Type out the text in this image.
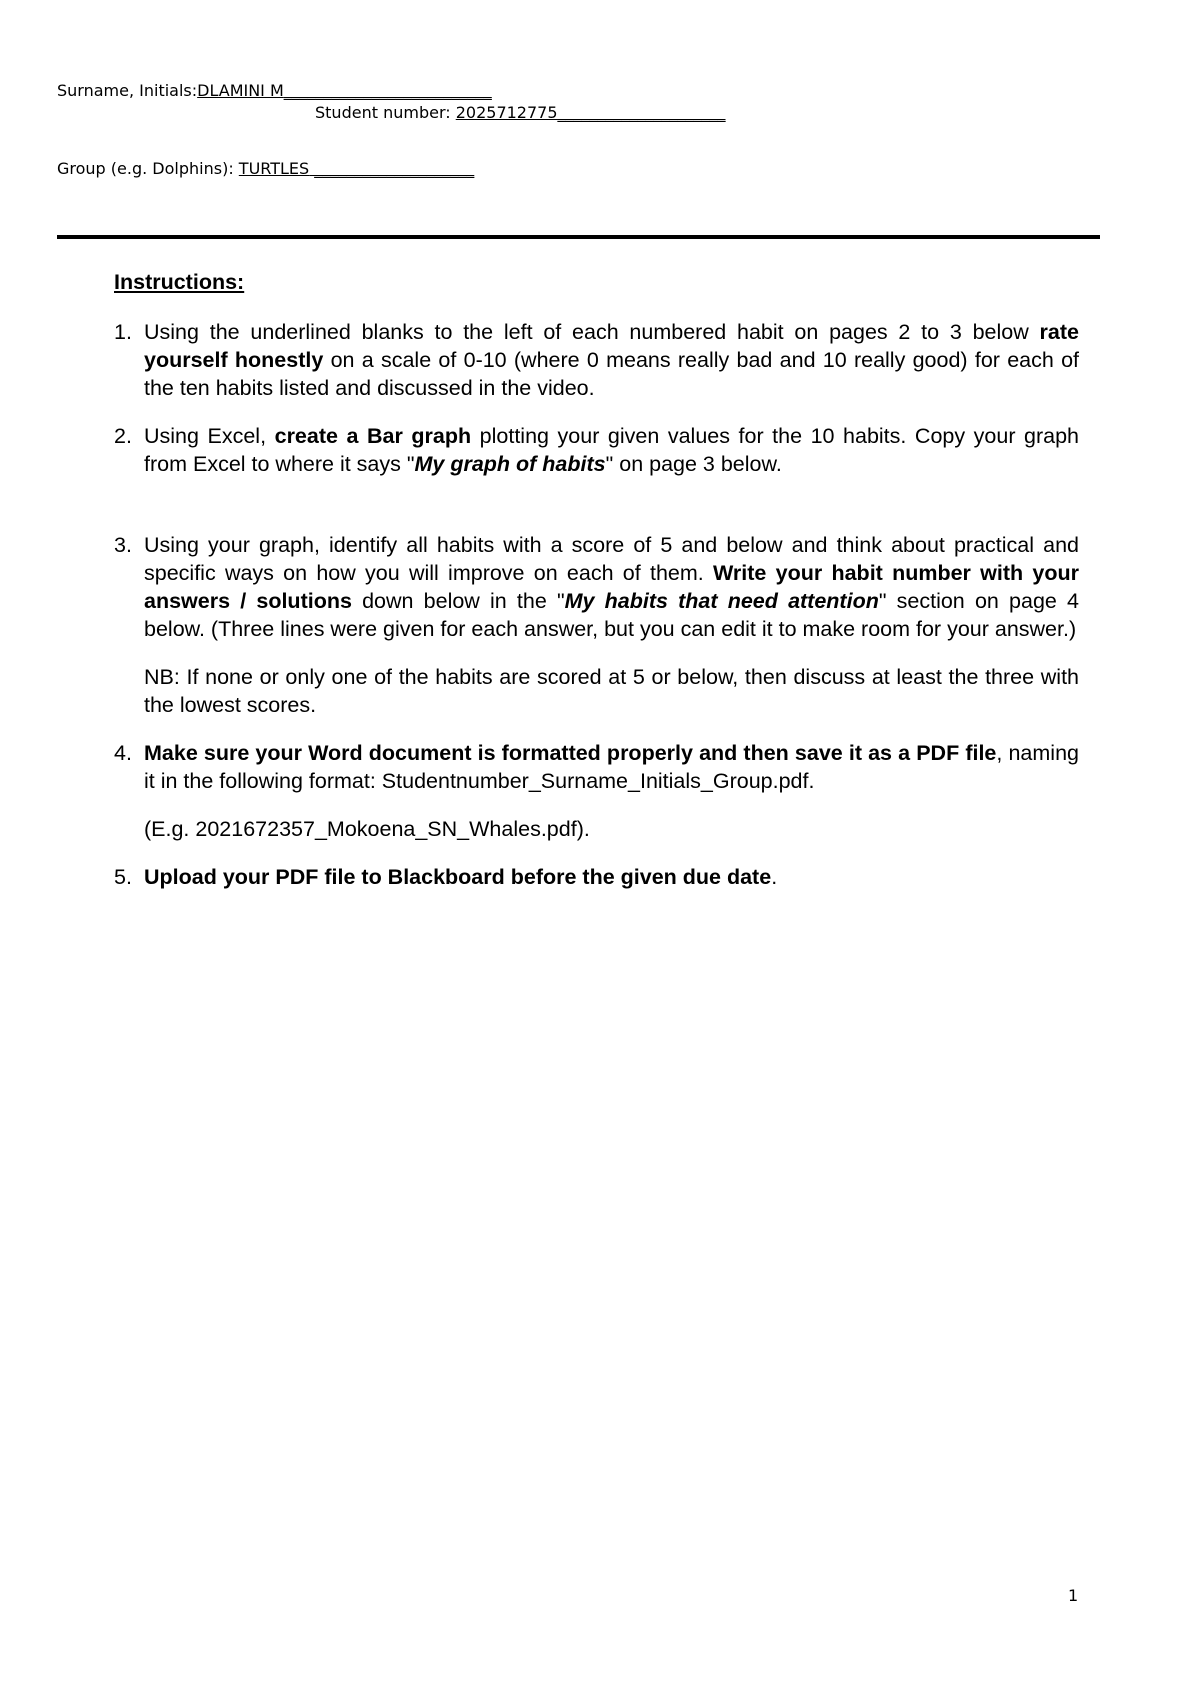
Surname, Initials:DLAMINI M__________________________
Student number: 2025712775_____________________
Group (e.g. Dolphins): TURTLES ____________________
Instructions:
1. Using the underlined blanks to the left of each numbered habit on pages 2 to 3 below rate yourself honestly on a scale of 0-10 (where 0 means really bad and 10 really good) for each of the ten habits listed and discussed in the video.
2. Using Excel, create a Bar graph plotting your given values for the 10 habits. Copy your graph from Excel to where it says "My graph of habits" on page 3 below.
3. Using your graph, identify all habits with a score of 5 and below and think about practical and specific ways on how you will improve on each of them. Write your habit number with your answers / solutions down below in the "My habits that need attention" section on page 4 below. (Three lines were given for each answer, but you can edit it to make room for your answer.)
NB: If none or only one of the habits are scored at 5 or below, then discuss at least the three with the lowest scores.
4. Make sure your Word document is formatted properly and then save it as a PDF file, naming it in the following format: Studentnumber_Surname_Initials_Group.pdf.
(E.g. 2021672357_Mokoena_SN_Whales.pdf).
5. Upload your PDF file to Blackboard before the given due date.
1
